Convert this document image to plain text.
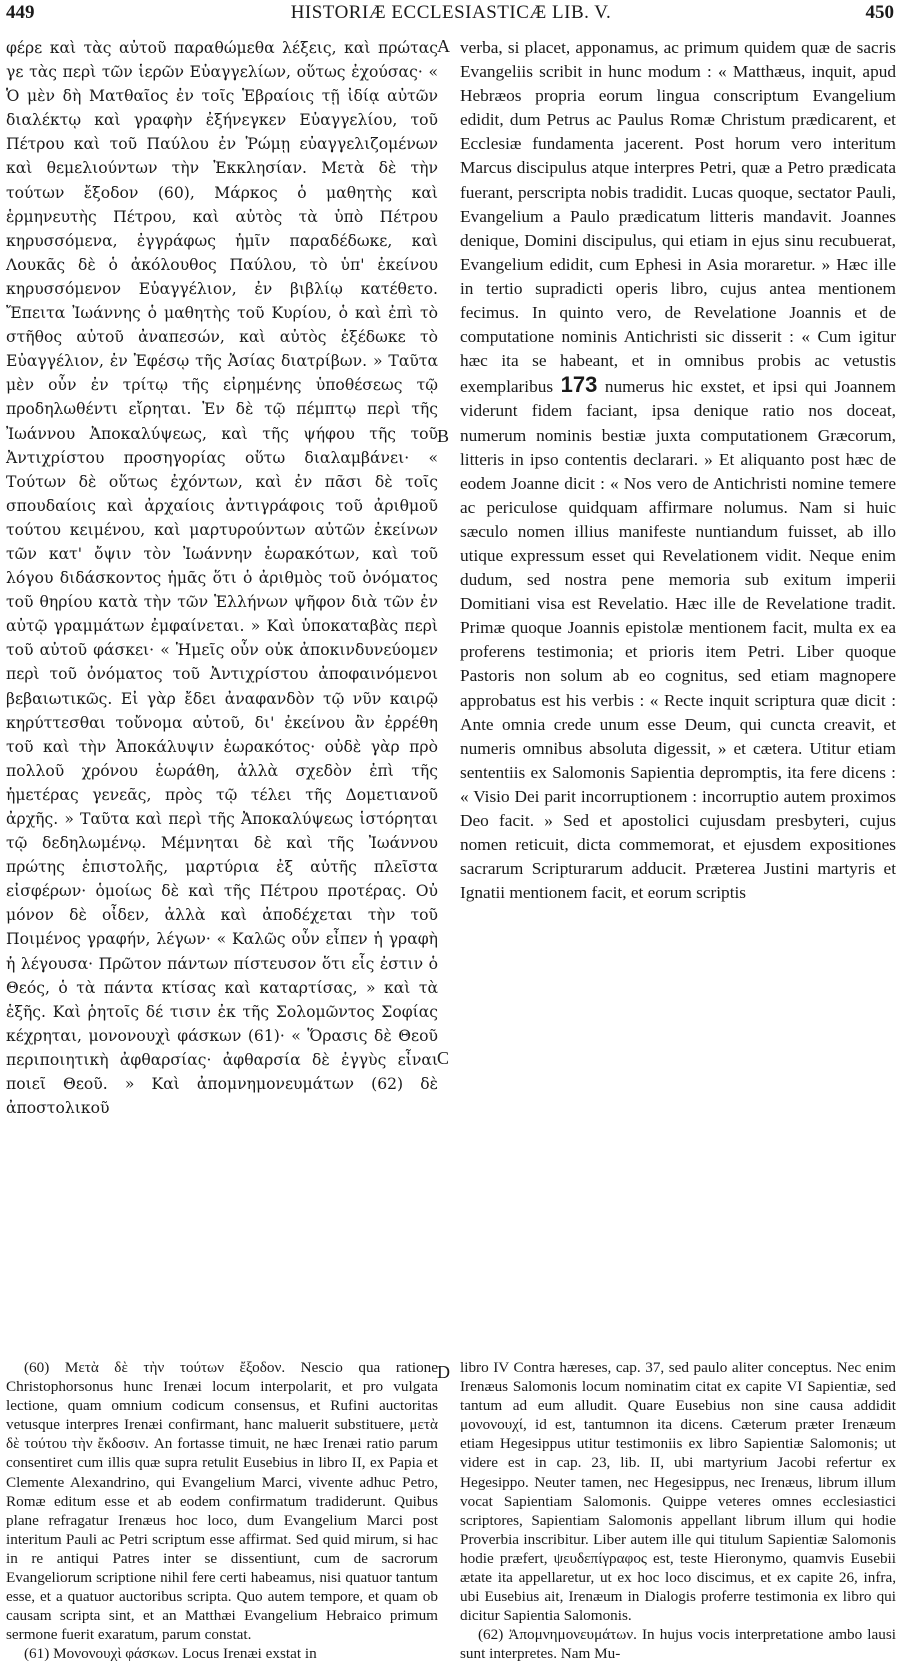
449	HISTORIÆ ECCLESIASTICÆ LIB. V.	450

φέρε καὶ τὰς αὐτοῦ παραθώμεθα λέξεις, καὶ πρώτας γε τὰς περὶ τῶν ἱερῶν Εὐαγγελίων, οὕτως ἐχούσας· « Ὁ μὲν δὴ Ματθαῖος ἐν τοῖς Ἑβραίοις τῇ ἰδίᾳ αὐτῶν διαλέκτῳ καὶ γραφὴν ἐξήνεγκεν Εὐαγγελίου, τοῦ Πέτρου καὶ τοῦ Παύλου ἐν Ῥώμῃ εὐαγγελιζομένων καὶ θεμελιούντων τὴν Ἐκκλησίαν. Μετὰ δὲ τὴν τούτων ἔξοδον (60), Μάρκος ὁ μαθητὴς καὶ ἑρμηνευτὴς Πέτρου, καὶ αὐτὸς τὰ ὑπὸ Πέτρου κηρυσσόμενα, ἐγγράφως ἡμῖν παραδέδωκε, καὶ Λουκᾶς δὲ ὁ ἀκόλουθος Παύλου, τὸ ὑπ' ἐκείνου κηρυσσόμενον Εὐαγγέλιον, ἐν βιβλίῳ κατέθετο. Ἔπειτα Ἰωάννης ὁ μαθητὴς τοῦ Κυρίου, ὁ καὶ ἐπὶ τὸ στῆθος αὐτοῦ ἀναπεσών, καὶ αὐτὸς ἐξέδωκε τὸ Εὐαγγέλιον, ἐν Ἐφέσῳ τῆς Ἀσίας διατρίβων. » Ταῦτα μὲν οὖν ἐν τρίτῳ τῆς εἰρημένης ὑποθέσεως τῷ προδηλωθέντι εἴρηται. Ἐν δὲ τῷ πέμπτῳ περὶ τῆς Ἰωάννου Ἀποκαλύψεως, καὶ τῆς ψήφου τῆς τοῦ Ἀντιχρίστου προσηγορίας οὕτω διαλαμβάνει· « Τούτων δὲ οὕτως ἐχόντων, καὶ ἐν πᾶσι δὲ τοῖς σπουδαίοις καὶ ἀρχαίοις ἀντιγράφοις τοῦ ἀριθμοῦ τούτου κειμένου, καὶ μαρτυρούντων αὐτῶν ἐκείνων τῶν κατ' ὄψιν τὸν Ἰωάννην ἑωρακότων, καὶ τοῦ λόγου διδάσκοντος ἡμᾶς ὅτι ὁ ἀριθμὸς τοῦ ὀνόματος τοῦ θηρίου κατὰ τὴν τῶν Ἑλλήνων ψῆφον διὰ τῶν ἐν αὐτῷ γραμμάτων ἐμφαίνεται. » Καὶ ὑποκαταβὰς περὶ τοῦ αὐτοῦ φάσκει· « Ἡμεῖς οὖν οὐκ ἀποκινδυνεύομεν περὶ τοῦ ὀνόματος τοῦ Ἀντιχρίστου ἀποφαινόμενοι βεβαιωτικῶς. Εἰ γὰρ ἔδει ἀναφανδὸν τῷ νῦν καιρῷ κηρύττεσθαι τοὔνομα αὐτοῦ, δι' ἐκείνου ἂν ἐρρέθη τοῦ καὶ τὴν Ἀποκάλυψιν ἑωρακότος· οὐδὲ γὰρ πρὸ πολλοῦ χρόνου ἑωράθη, ἀλλὰ σχεδὸν ἐπὶ τῆς ἡμετέρας γενεᾶς, πρὸς τῷ τέλει τῆς Δομετιανοῦ ἀρχῆς. » Ταῦτα καὶ περὶ τῆς Ἀποκαλύψεως ἱστόρηται τῷ δεδηλωμένῳ. Μέμνηται δὲ καὶ τῆς Ἰωάννου πρώτης ἐπιστολῆς, μαρτύρια ἐξ αὐτῆς πλεῖστα εἰσφέρων· ὁμοίως δὲ καὶ τῆς Πέτρου προτέρας. Οὐ μόνον δὲ οἶδεν, ἀλλὰ καὶ ἀποδέχεται τὴν τοῦ Ποιμένος γραφήν, λέγων· « Καλῶς οὖν εἶπεν ἡ γραφὴ ἡ λέγουσα· Πρῶτον πάντων πίστευσον ὅτι εἷς ἐστιν ὁ Θεός, ὁ τὰ πάντα κτίσας καὶ καταρτίσας, » καὶ τὰ ἑξῆς. Καὶ ῥητοῖς δέ τισιν ἐκ τῆς Σολομῶντος Σοφίας κέχρηται, μονονουχὶ φάσκων (61)· « Ὅρασις δὲ Θεοῦ περιποιητικὴ ἀφθαρσίας· ἀφθαρσία δὲ ἐγγὺς εἶναι ποιεῖ Θεοῦ. » Καὶ ἀπομνημονευμάτων (62) δὲ ἀποστολικοῦ

A
B
C
D

verba, si placet, apponamus, ac primum quidem quæ de sacris Evangeliis scribit in hunc modum : « Matthæus, inquit, apud Hebræos propria eorum lingua conscriptum Evangelium edidit, dum Petrus ac Paulus Romæ Christum prædicarent, et Ecclesiæ fundamenta jacerent. Post horum vero interitum Marcus discipulus atque interpres Petri, quæ a Petro prædicata fuerant, perscripta nobis tradidit. Lucas quoque, sectator Pauli, Evangelium a Paulo prædicatum litteris mandavit. Joannes denique, Domini discipulus, qui etiam in ejus sinu recubuerat, Evangelium edidit, cum Ephesi in Asia moraretur. » Hæc ille in tertio supradicti operis libro, cujus antea mentionem fecimus. In quinto vero, de Revelatione Joannis et de computatione nominis Antichristi sic disserit : « Cum igitur hæc ita se habeant, et in omnibus probis ac vetustis exemplaribus 173 numerus hic exstet, et ipsi qui Joannem viderunt fidem faciant, ipsa denique ratio nos doceat, numerum nominis bestiæ juxta computationem Græcorum, litteris in ipso contentis declarari. » Et aliquanto post hæc de eodem Joanne dicit : « Nos vero de Antichristi nomine temere ac periculose quidquam affirmare nolumus. Nam si huic sæculo nomen illius manifeste nuntiandum fuisset, ab illo utique expressum esset qui Revelationem vidit. Neque enim dudum, sed nostra pene memoria sub exitum imperii Domitiani visa est Revelatio. Hæc ille de Revelatione tradit. Primæ quoque Joannis epistolæ mentionem facit, multa ex ea proferens testimonia; et prioris item Petri. Liber quoque Pastoris non solum ab eo cognitus, sed etiam magnopere approbatus est his verbis : « Recte inquit scriptura quæ dicit : Ante omnia crede unum esse Deum, qui cuncta creavit, et numeris omnibus absoluta digessit, » et cætera. Utitur etiam sententiis ex Salomonis Sapientia depromptis, ita fere dicens : « Visio Dei parit incorruptionem : incorruptio autem proximos Deo facit. » Sed et apostolici cujusdam presbyteri, cujus nomen reticuit, dicta commemorat, et ejusdem expositiones sacrarum Scripturarum adducit. Præterea Justini martyris et Ignatii mentionem facit, et eorum scriptis

(60) Μετὰ δὲ τὴν τούτων ἔξοδον. Nescio qua ratione Christophorsonus hunc Irenæi locum interpolarit, et pro vulgata lectione, quam omnium codicum consensus, et Rufini auctoritas vetusque interpres Irenæi confirmant, hanc maluerit substituere, μετὰ δὲ τούτου τὴν ἔκδοσιν. An fortasse timuit, ne hæc Irenæi ratio parum consentiret cum illis quæ supra retulit Eusebius in libro II, ex Papia et Clemente Alexandrino, qui Evangelium Marci, vivente adhuc Petro, Romæ editum esse et ab eodem confirmatum tradiderunt. Quibus plane refragatur Irenæus hoc loco, dum Evangelium Marci post interitum Pauli ac Petri scriptum esse affirmat. Sed quid mirum, si hac in re antiqui Patres inter se dissentiunt, cum de sacrorum Evangeliorum scriptione nihil fere certi habeamus, nisi quatuor tantum esse, et a quatuor auctoribus scripta. Quo autem tempore, et quam ob causam scripta sint, et an Matthæi Evangelium Hebraico primum sermone fuerit exaratum, parum constat.

(61) Μονονουχὶ φάσκων. Locus Irenæi exstat in

libro IV Contra hæreses, cap. 37, sed paulo aliter conceptus. Nec enim Irenæus Salomonis locum nominatim citat ex capite VI Sapientiæ, sed tantum ad eum alludit. Quare Eusebius non sine causa addidit μονονουχί, id est, tantumnon ita dicens. Cæterum præter Irenæum etiam Hegesippus utitur testimoniis ex libro Sapientiæ Salomonis; ut videre est in cap. 23, lib. II, ubi martyrium Jacobi refertur ex Hegesippo. Neuter tamen, nec Hegesippus, nec Irenæus, librum illum vocat Sapientiam Salomonis. Quippe veteres omnes ecclesiastici scriptores, Sapientiam Salomonis appellant librum illum qui hodie Proverbia inscribitur. Liber autem ille qui titulum Sapientiæ Salomonis hodie præfert, ψευδεπίγραφος est, teste Hieronymo, quamvis Eusebii ætate ita appellaretur, ut ex hoc loco discimus, et ex capite 26, infra, ubi Eusebius ait, Irenæum in Dialogis proferre testimonia ex libro qui dicitur Sapientia Salomonis.

(62) Ἀπομνημονευμάτων. In hujus vocis interpretatione ambo lausi sunt interpretes. Nam Mu-
